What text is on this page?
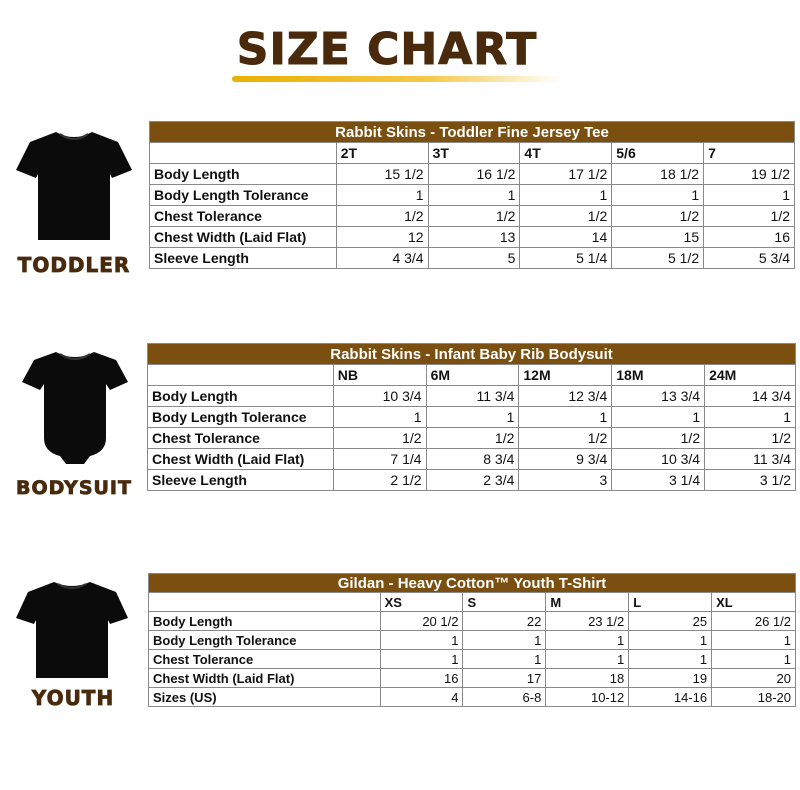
SIZE CHART
TODDLER
Rabbit Skins - Toddler Fine Jersey Tee					
	2T	3T	4T	5/6	7
Body Length	15 1/2	16 1/2	17 1/2	18 1/2	19 1/2
Body Length Tolerance	1	1	1	1	1
Chest Tolerance	1/2	1/2	1/2	1/2	1/2
Chest Width (Laid Flat)	12	13	14	15	16
Sleeve Length	4 3/4	5	5 1/4	5 1/2	5 3/4
BODYSUIT
Rabbit Skins - Infant Baby Rib Bodysuit					
	NB	6M	12M	18M	24M
Body Length	10 3/4	11 3/4	12 3/4	13 3/4	14 3/4
Body Length Tolerance	1	1	1	1	1
Chest Tolerance	1/2	1/2	1/2	1/2	1/2
Chest Width (Laid Flat)	7 1/4	8 3/4	9 3/4	10 3/4	11 3/4
Sleeve Length	2 1/2	2 3/4	3	3 1/4	3 1/2
YOUTH
Gildan - Heavy Cotton™ Youth T-Shirt					
	XS	S	M	L	XL
Body Length	20 1/2	22	23 1/2	25	26 1/2
Body Length Tolerance	1	1	1	1	1
Chest Tolerance	1	1	1	1	1
Chest Width (Laid Flat)	16	17	18	19	20
Sizes (US)	4	6-8	10-12	14-16	18-20
